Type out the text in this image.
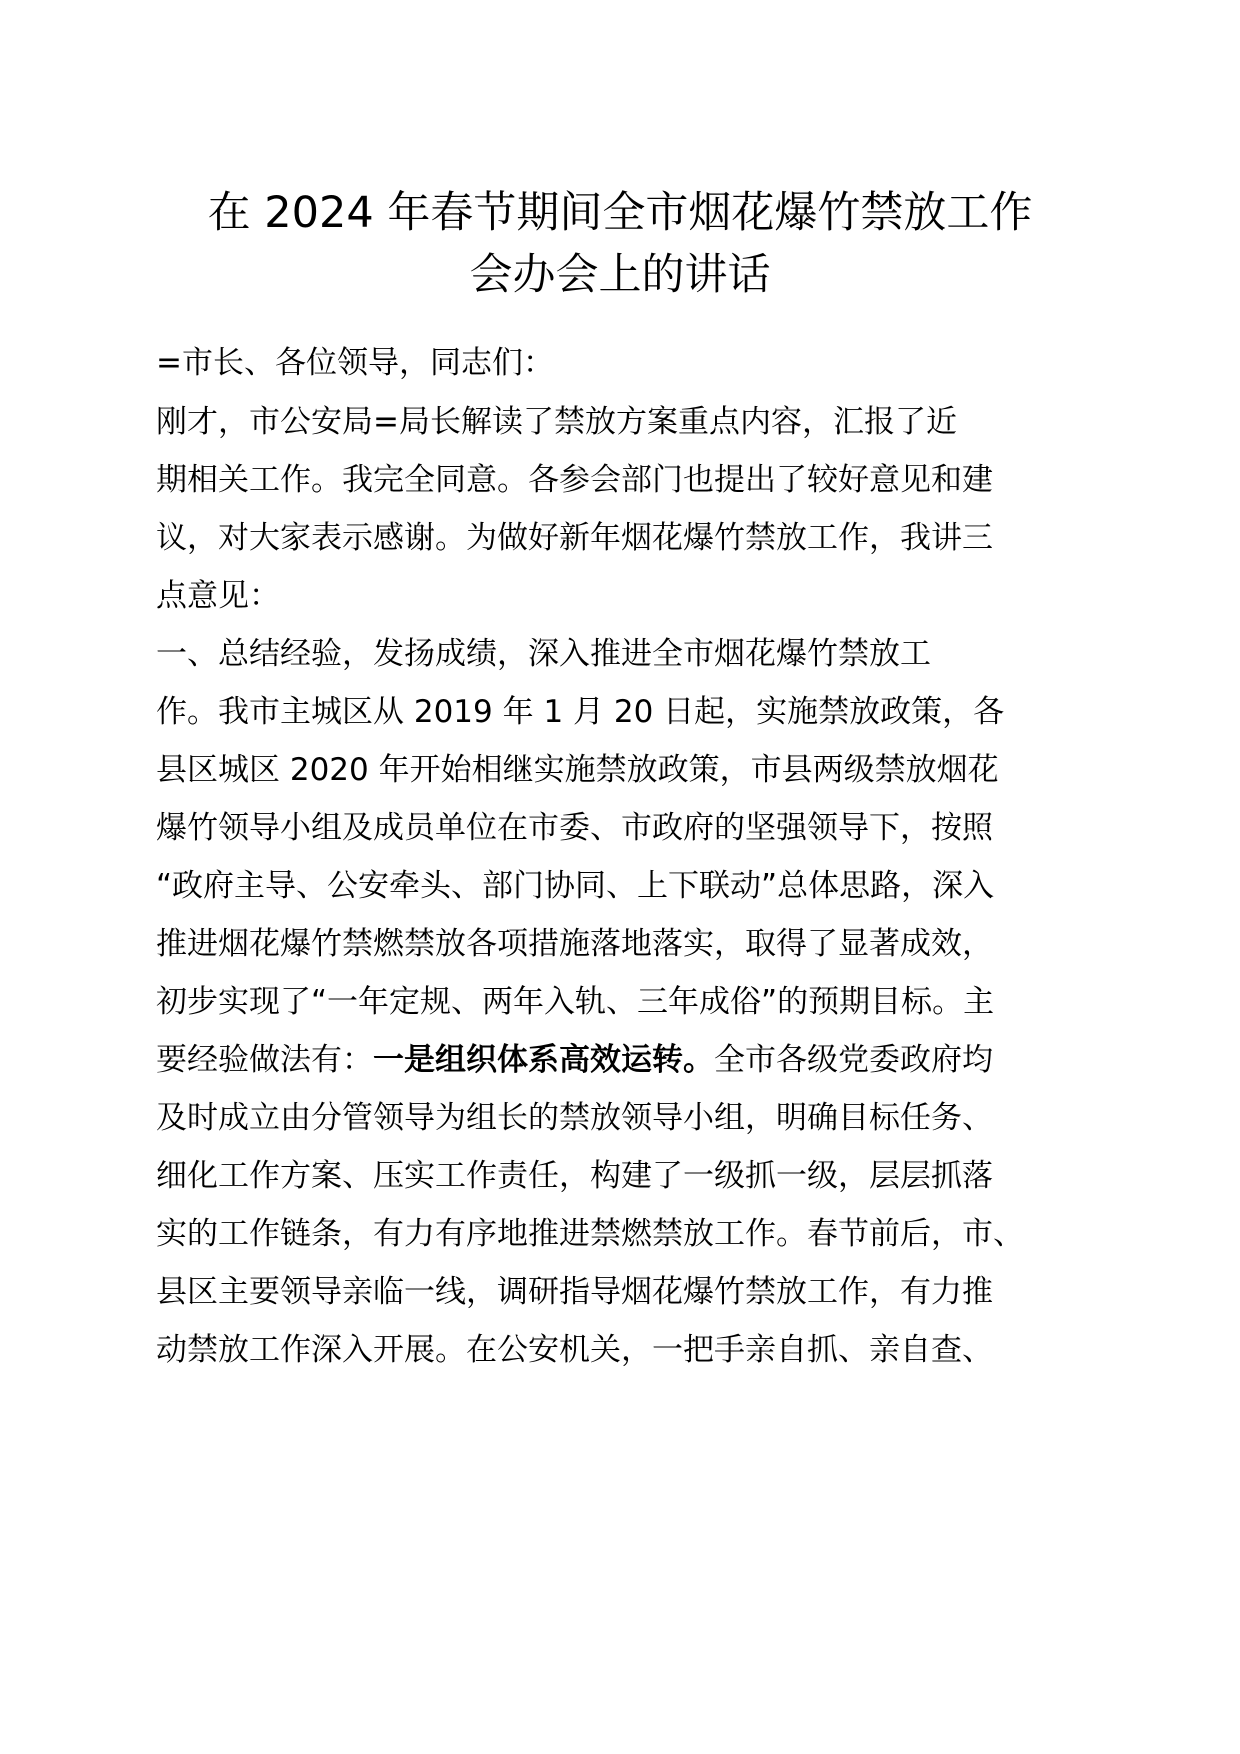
在 2024 年春节期间全市烟花爆竹禁放工作
会办会上的讲话

=市长、各位领导，同志们：

刚才，市公安局=局长解读了禁放方案重点内容，汇报了近

期相关工作。我完全同意。各参会部门也提出了较好意见和建

议，对大家表示感谢。为做好新年烟花爆竹禁放工作，我讲三

点意见：

一、总结经验，发扬成绩，深入推进全市烟花爆竹禁放工

作。我市主城区从 2019 年 1 月 20 日起，实施禁放政策，各

县区城区 2020 年开始相继实施禁放政策，市县两级禁放烟花

爆竹领导小组及成员单位在市委、市政府的坚强领导下，按照

“政府主导、公安牵头、部门协同、上下联动”总体思路，深入

推进烟花爆竹禁燃禁放各项措施落地落实，取得了显著成效，

初步实现了“一年定规、两年入轨、三年成俗”的预期目标。主

要经验做法有：一是组织体系高效运转。全市各级党委政府均

及时成立由分管领导为组长的禁放领导小组，明确目标任务、

细化工作方案、压实工作责任，构建了一级抓一级，层层抓落

实的工作链条，有力有序地推进禁燃禁放工作。春节前后，市、

县区主要领导亲临一线，调研指导烟花爆竹禁放工作，有力推

动禁放工作深入开展。在公安机关，一把手亲自抓、亲自查、
